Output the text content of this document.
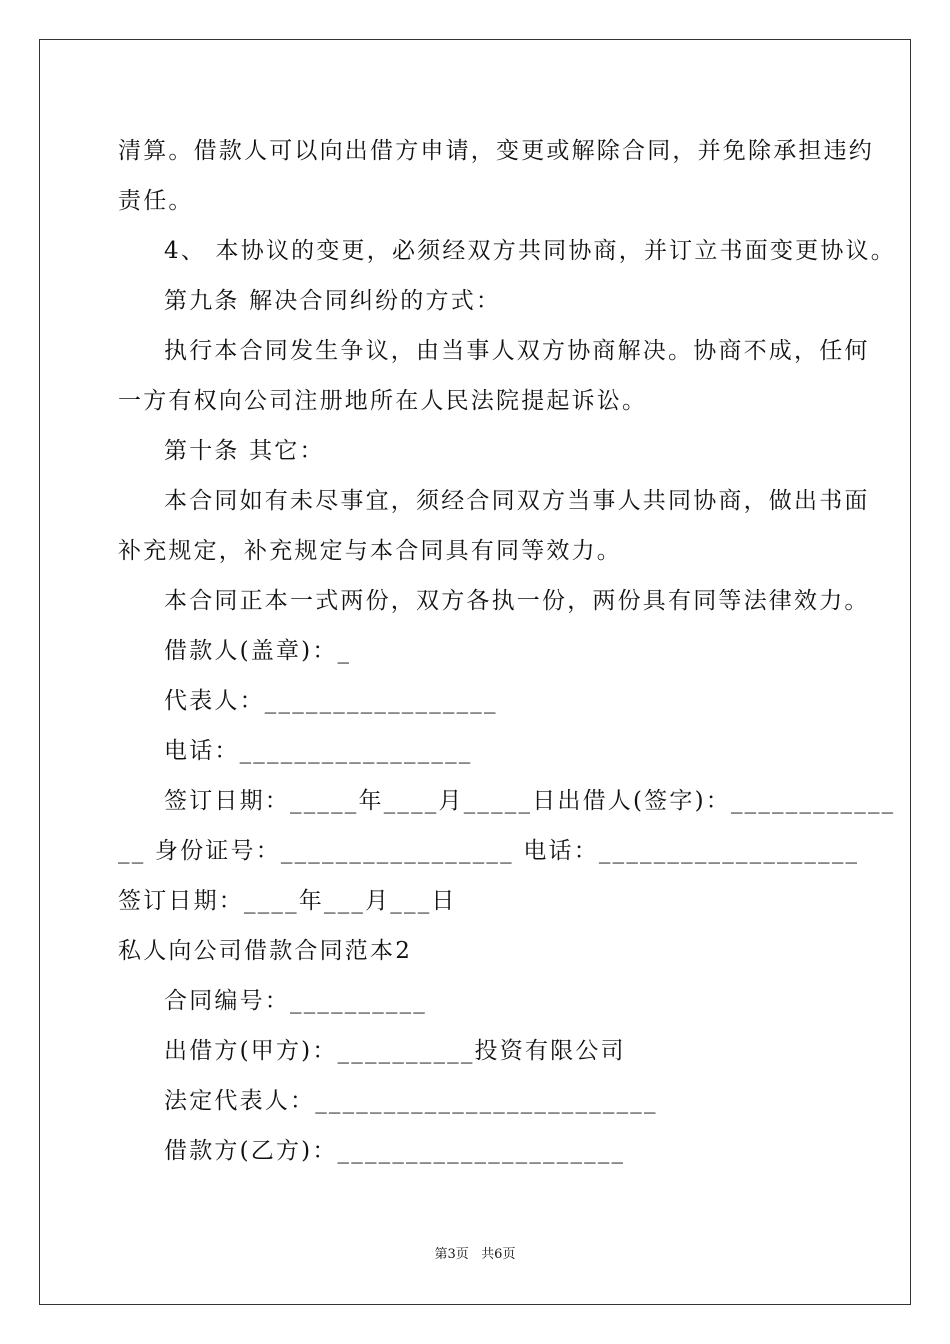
清算。借款人可以向出借方申请，变更或解除合同，并免除承担违约
责任。
4、 本协议的变更，必须经双方共同协商，并订立书面变更协议。
第九条 解决合同纠纷的方式：
执行本合同发生争议，由当事人双方协商解决。协商不成，任何
一方有权向公司注册地所在人民法院提起诉讼。
第十条 其它：
本合同如有未尽事宜，须经合同双方当事人共同协商，做出书面
补充规定，补充规定与本合同具有同等效力。
本合同正本一式两份，双方各执一份，两份具有同等法律效力。
借款人(盖章)：_
代表人：_________________
电话：_________________
签订日期：_____年____月_____日出借人(签字)：____________
__ 身份证号：_________________ 电话：___________________
签订日期：____年___月___日
私人向公司借款合同范本2
合同编号：__________
出借方(甲方)：__________投资有限公司
法定代表人：_________________________
借款方(乙方)：_____________________
第3页   共6页
